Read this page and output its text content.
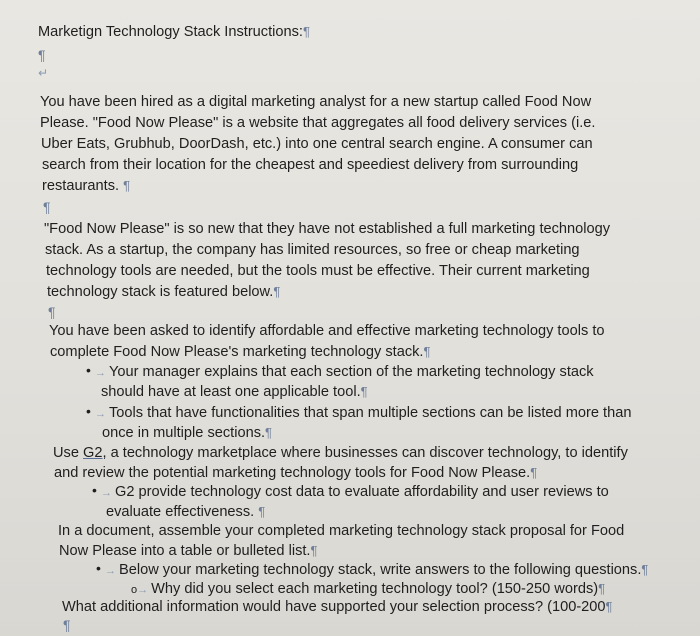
Marketign Technology Stack Instructions:¶
¶
↵
You have been hired as a digital marketing analyst for a new startup called Food Now
Please. "Food Now Please" is a website that aggregates all food delivery services (i.e.
Uber Eats, Grubhub, DoorDash, etc.) into one central search engine. A consumer can
search from their location for the cheapest and speediest delivery from surrounding
restaurants. ¶
¶
"Food Now Please" is so new that they have not established a full marketing technology
stack. As a startup, the company has limited resources, so free or cheap marketing
technology tools are needed, but the tools must be effective. Their current marketing
technology stack is featured below.¶
¶
You have been asked to identify affordable and effective marketing technology tools to
complete Food Now Please's marketing technology stack.¶
• → Your manager explains that each section of the marketing technology stack
should have at least one applicable tool.¶
• → Tools that have functionalities that span multiple sections can be listed more than
once in multiple sections.¶
Use G2, a technology marketplace where businesses can discover technology, to identify
and review the potential marketing technology tools for Food Now Please.¶
• → G2 provide technology cost data to evaluate affordability and user reviews to
evaluate effectiveness. ¶
In a document, assemble your completed marketing technology stack proposal for Food
Now Please into a table or bulleted list.¶
• → Below your marketing technology stack, write answers to the following questions.¶
o→ Why did you select each marketing technology tool? (150-250 words)¶
What additional information would have supported your selection process? (100-200¶
¶
